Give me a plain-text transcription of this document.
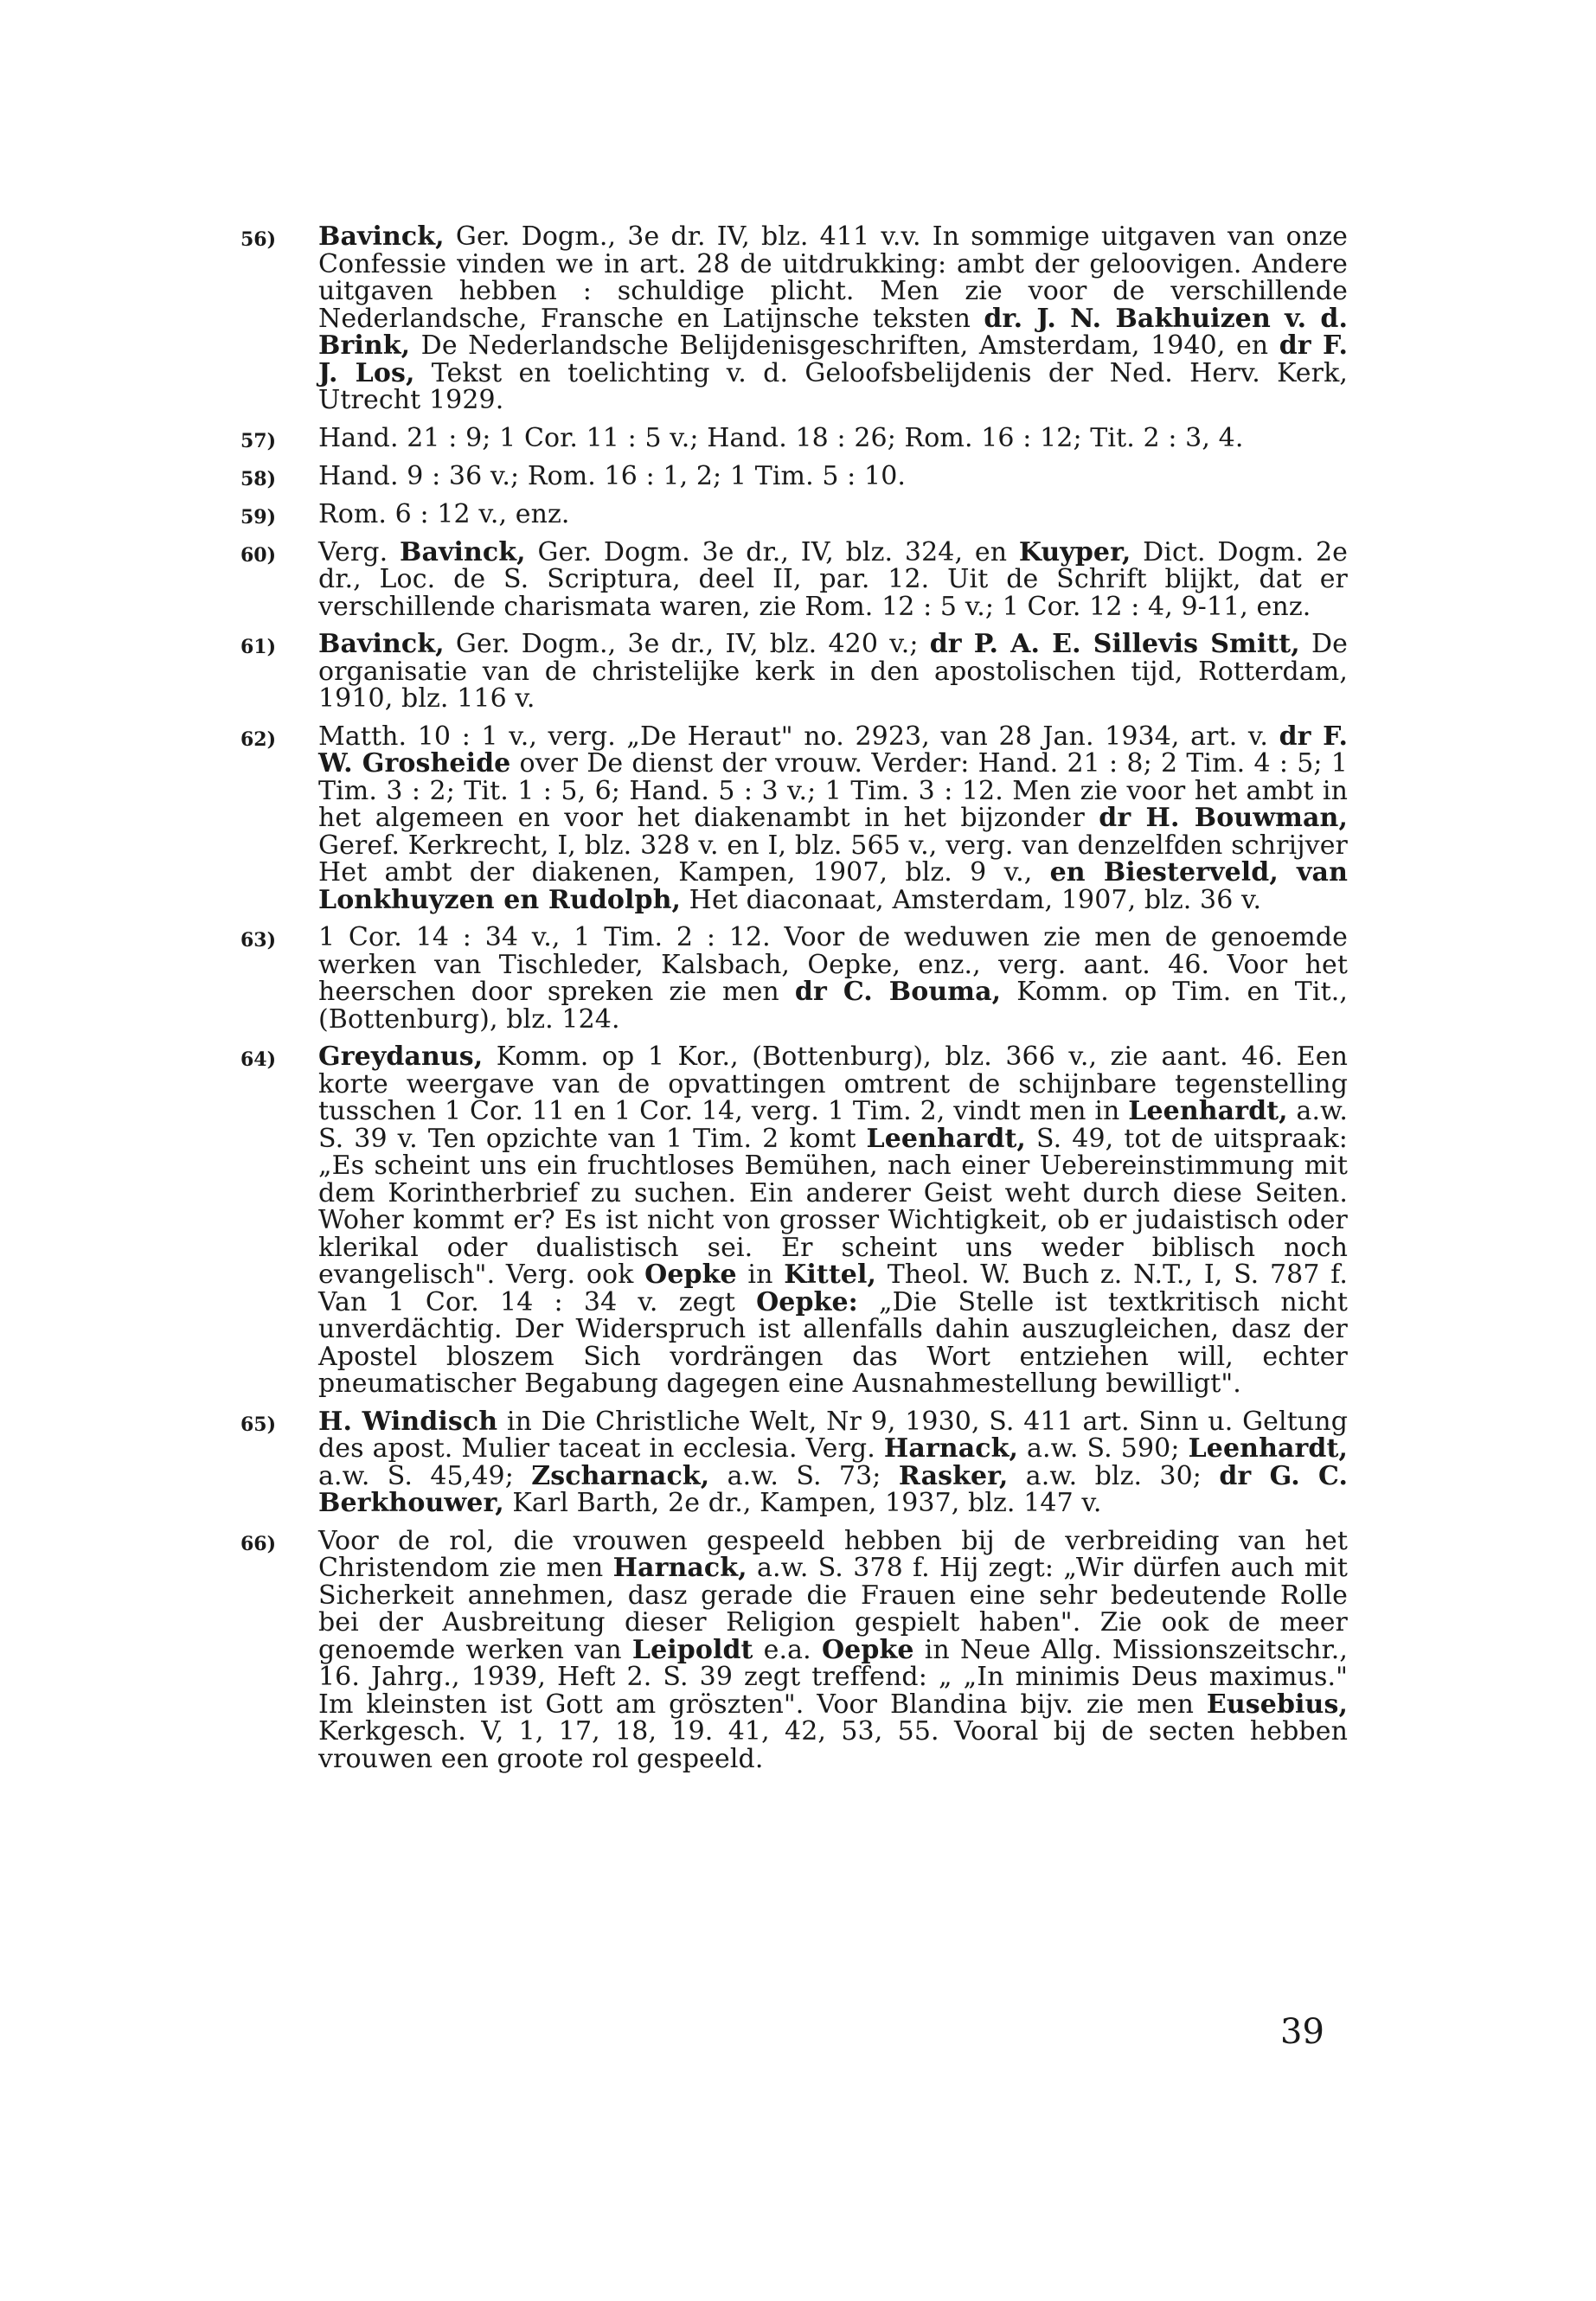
56)	Bavinck, Ger. Dogm., 3e dr. IV, blz. 411 v.v. In sommige uitgaven van onze Confessie vinden we in art. 28 de uitdrukking: ambt der geloovigen. Andere uitgaven hebben : schuldige plicht. Men zie voor de verschillende Nederlandsche, Fransche en Latijnsche teksten dr. J. N. Bakhuizen v. d. Brink, De Nederlandsche Belijdenisgeschriften, Amsterdam, 1940, en dr F. J. Los, Tekst en toelichting v. d. Geloofsbelijdenis der Ned. Herv. Kerk, Utrecht 1929.
57)	Hand. 21 : 9; 1 Cor. 11 : 5 v.; Hand. 18 : 26; Rom. 16 : 12; Tit. 2 : 3, 4.
58)	Hand. 9 : 36 v.; Rom. 16 : 1, 2; 1 Tim. 5 : 10.
59)	Rom. 6 : 12 v., enz.
60)	Verg. Bavinck, Ger. Dogm. 3e dr., IV, blz. 324, en Kuyper, Dict. Dogm. 2e dr., Loc. de S. Scriptura, deel II, par. 12. Uit de Schrift blijkt, dat er verschillende charismata waren, zie Rom. 12 : 5 v.; 1 Cor. 12 : 4, 9-11, enz.
61)	Bavinck, Ger. Dogm., 3e dr., IV, blz. 420 v.; dr P. A. E. Sillevis Smitt, De organisatie van de christelijke kerk in den apostolischen tijd, Rotterdam, 1910, blz. 116 v.
62)	Matth. 10 : 1 v., verg. „De Heraut" no. 2923, van 28 Jan. 1934, art. v. dr F. W. Grosheide over De dienst der vrouw. Verder: Hand. 21 : 8; 2 Tim. 4 : 5; 1 Tim. 3 : 2; Tit. 1 : 5, 6; Hand. 5 : 3 v.; 1 Tim. 3 : 12. Men zie voor het ambt in het algemeen en voor het diakenambt in het bijzonder dr H. Bouwman, Geref. Kerkrecht, I, blz. 328 v. en I, blz. 565 v., verg. van denzelfden schrijver Het ambt der diakenen, Kampen, 1907, blz. 9 v., en Biesterveld, van Lonkhuyzen en Rudolph, Het diaconaat, Amsterdam, 1907, blz. 36 v.
63)	1 Cor. 14 : 34 v., 1 Tim. 2 : 12. Voor de weduwen zie men de genoemde werken van Tischleder, Kalsbach, Oepke, enz., verg. aant. 46. Voor het heerschen door spreken zie men dr C. Bouma, Komm. op Tim. en Tit., (Bottenburg), blz. 124.
64)	Greydanus, Komm. op 1 Kor., (Bottenburg), blz. 366 v., zie aant. 46. Een korte weergave van de opvattingen omtrent de schijnbare tegenstelling tusschen 1 Cor. 11 en 1 Cor. 14, verg. 1 Tim. 2, vindt men in Leenhardt, a.w. S. 39 v. Ten opzichte van 1 Tim. 2 komt Leenhardt, S. 49, tot de uitspraak: „Es scheint uns ein fruchtloses Bemühen, nach einer Uebereinstimmung mit dem Korintherbrief zu suchen. Ein anderer Geist weht durch diese Seiten. Woher kommt er? Es ist nicht von grosser Wichtigkeit, ob er judaistisch oder klerikal oder dualistisch sei. Er scheint uns weder biblisch noch evangelisch". Verg. ook Oepke in Kittel, Theol. W. Buch z. N.T., I, S. 787 f. Van 1 Cor. 14 : 34 v. zegt Oepke: „Die Stelle ist textkritisch nicht unverdächtig. Der Widerspruch ist allenfalls dahin auszugleichen, dasz der Apostel bloszem Sich vordrängen das Wort entziehen will, echter pneumatischer Begabung dagegen eine Ausnahmestellung bewilligt".
65)	H. Windisch in Die Christliche Welt, Nr 9, 1930, S. 411 art. Sinn u. Geltung des apost. Mulier taceat in ecclesia. Verg. Harnack, a.w. S. 590; Leenhardt, a.w. S. 45,49; Zscharnack, a.w. S. 73; Rasker, a.w. blz. 30; dr G. C. Berkhouwer, Karl Barth, 2e dr., Kampen, 1937, blz. 147 v.
66)	Voor de rol, die vrouwen gespeeld hebben bij de verbreiding van het Christendom zie men Harnack, a.w. S. 378 f. Hij zegt: „Wir dürfen auch mit Sicherkeit annehmen, dasz gerade die Frauen eine sehr bedeutende Rolle bei der Ausbreitung dieser Religion gespielt haben". Zie ook de meer genoemde werken van Leipoldt e.a. Oepke in Neue Allg. Missionszeitschr., 16. Jahrg., 1939, Heft 2. S. 39 zegt treffend: „ „In minimis Deus maximus." Im kleinsten ist Gott am gröszten". Voor Blandina bijv. zie men Eusebius, Kerkgesch. V, 1, 17, 18, 19. 41, 42, 53, 55. Vooral bij de secten hebben vrouwen een groote rol gespeeld.
39
